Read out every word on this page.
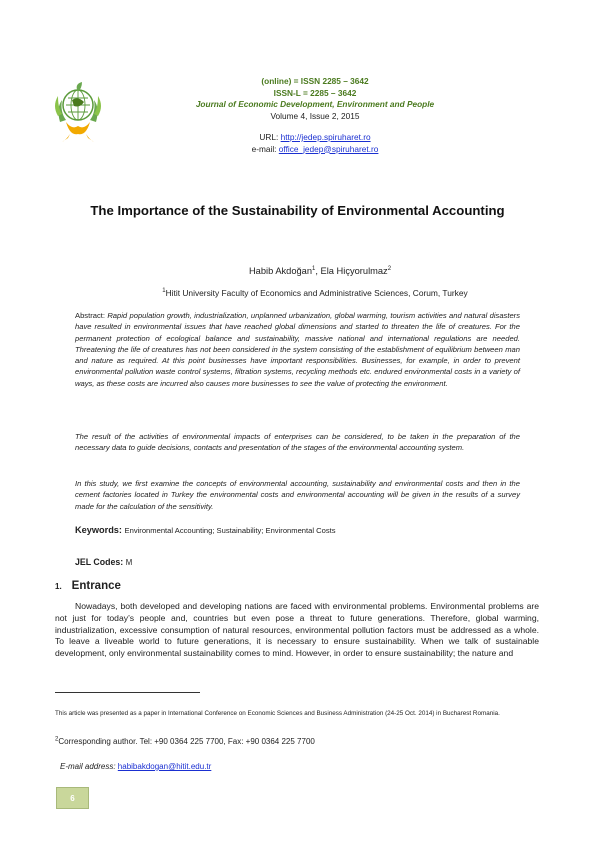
(online) = ISSN 2285 – 3642
ISSN-L = 2285 – 3642
Journal of Economic Development, Environment and People
Volume 4, Issue 2, 2015
URL: http://jedep.spiruharet.ro
e-mail: office_jedep@spiruharet.ro
The Importance of the Sustainability of Environmental Accounting
Habib Akdoğan$^1$, Ela Hiçyorulmaz$^2$
$^1$Hitit University Faculty of Economics and Administrative Sciences, Corum, Turkey
Abstract: Rapid population growth, industrialization, unplanned urbanization, global warming, tourism activities and natural disasters have resulted in environmental issues that have reached global dimensions and started to threaten the life of creatures. For the permanent protection of ecological balance and sustainability, massive national and international regulations are needed. Threatening the life of creatures has not been considered in the system consisting of the establishment of equilibrium between man and nature as required. At this point businesses have important responsibilities. Businesses, for example, in order to prevent environmental pollution waste control systems, filtration systems, recycling methods etc. endured environmental costs in a variety of ways, as these costs are incurred also causes more businesses to see the value of protecting the environment.
The result of the activities of environmental impacts of enterprises can be considered, to be taken in the preparation of the necessary data to guide decisions, contacts and presentation of the stages of the environmental accounting system.
In this study, we first examine the concepts of environmental accounting, sustainability and environmental costs and then in the cement factories located in Turkey the environmental costs and environmental accounting will be given in the results of a survey made for the calculation of the sensitivity.
Keywords: Environmental Accounting; Sustainability; Environmental Costs
JEL Codes: M
1. Entrance
Nowadays, both developed and developing nations are faced with environmental problems. Environmental problems are not just for today’s people and, countries but even pose a threat to future generations. Therefore, global warming, industrialization, excessive consumption of natural resources, environmental pollution factors must be addressed as a whole. To leave a liveable world to future generations, it is necessary to ensure sustainability. When we talk of sustainable development, only environmental sustainability comes to mind. However, in order to ensure sustainability; the nature and
This article was presented as a paper in International Conference on Economic Sciences and Business Administration (24-25 Oct. 2014) in Bucharest Romania.
$^2$Corresponding author. Tel: +90 0364 225 7700, Fax: +90 0364 225 7700
E-mail address: habibakdogan@hitit.edu.tr
6
